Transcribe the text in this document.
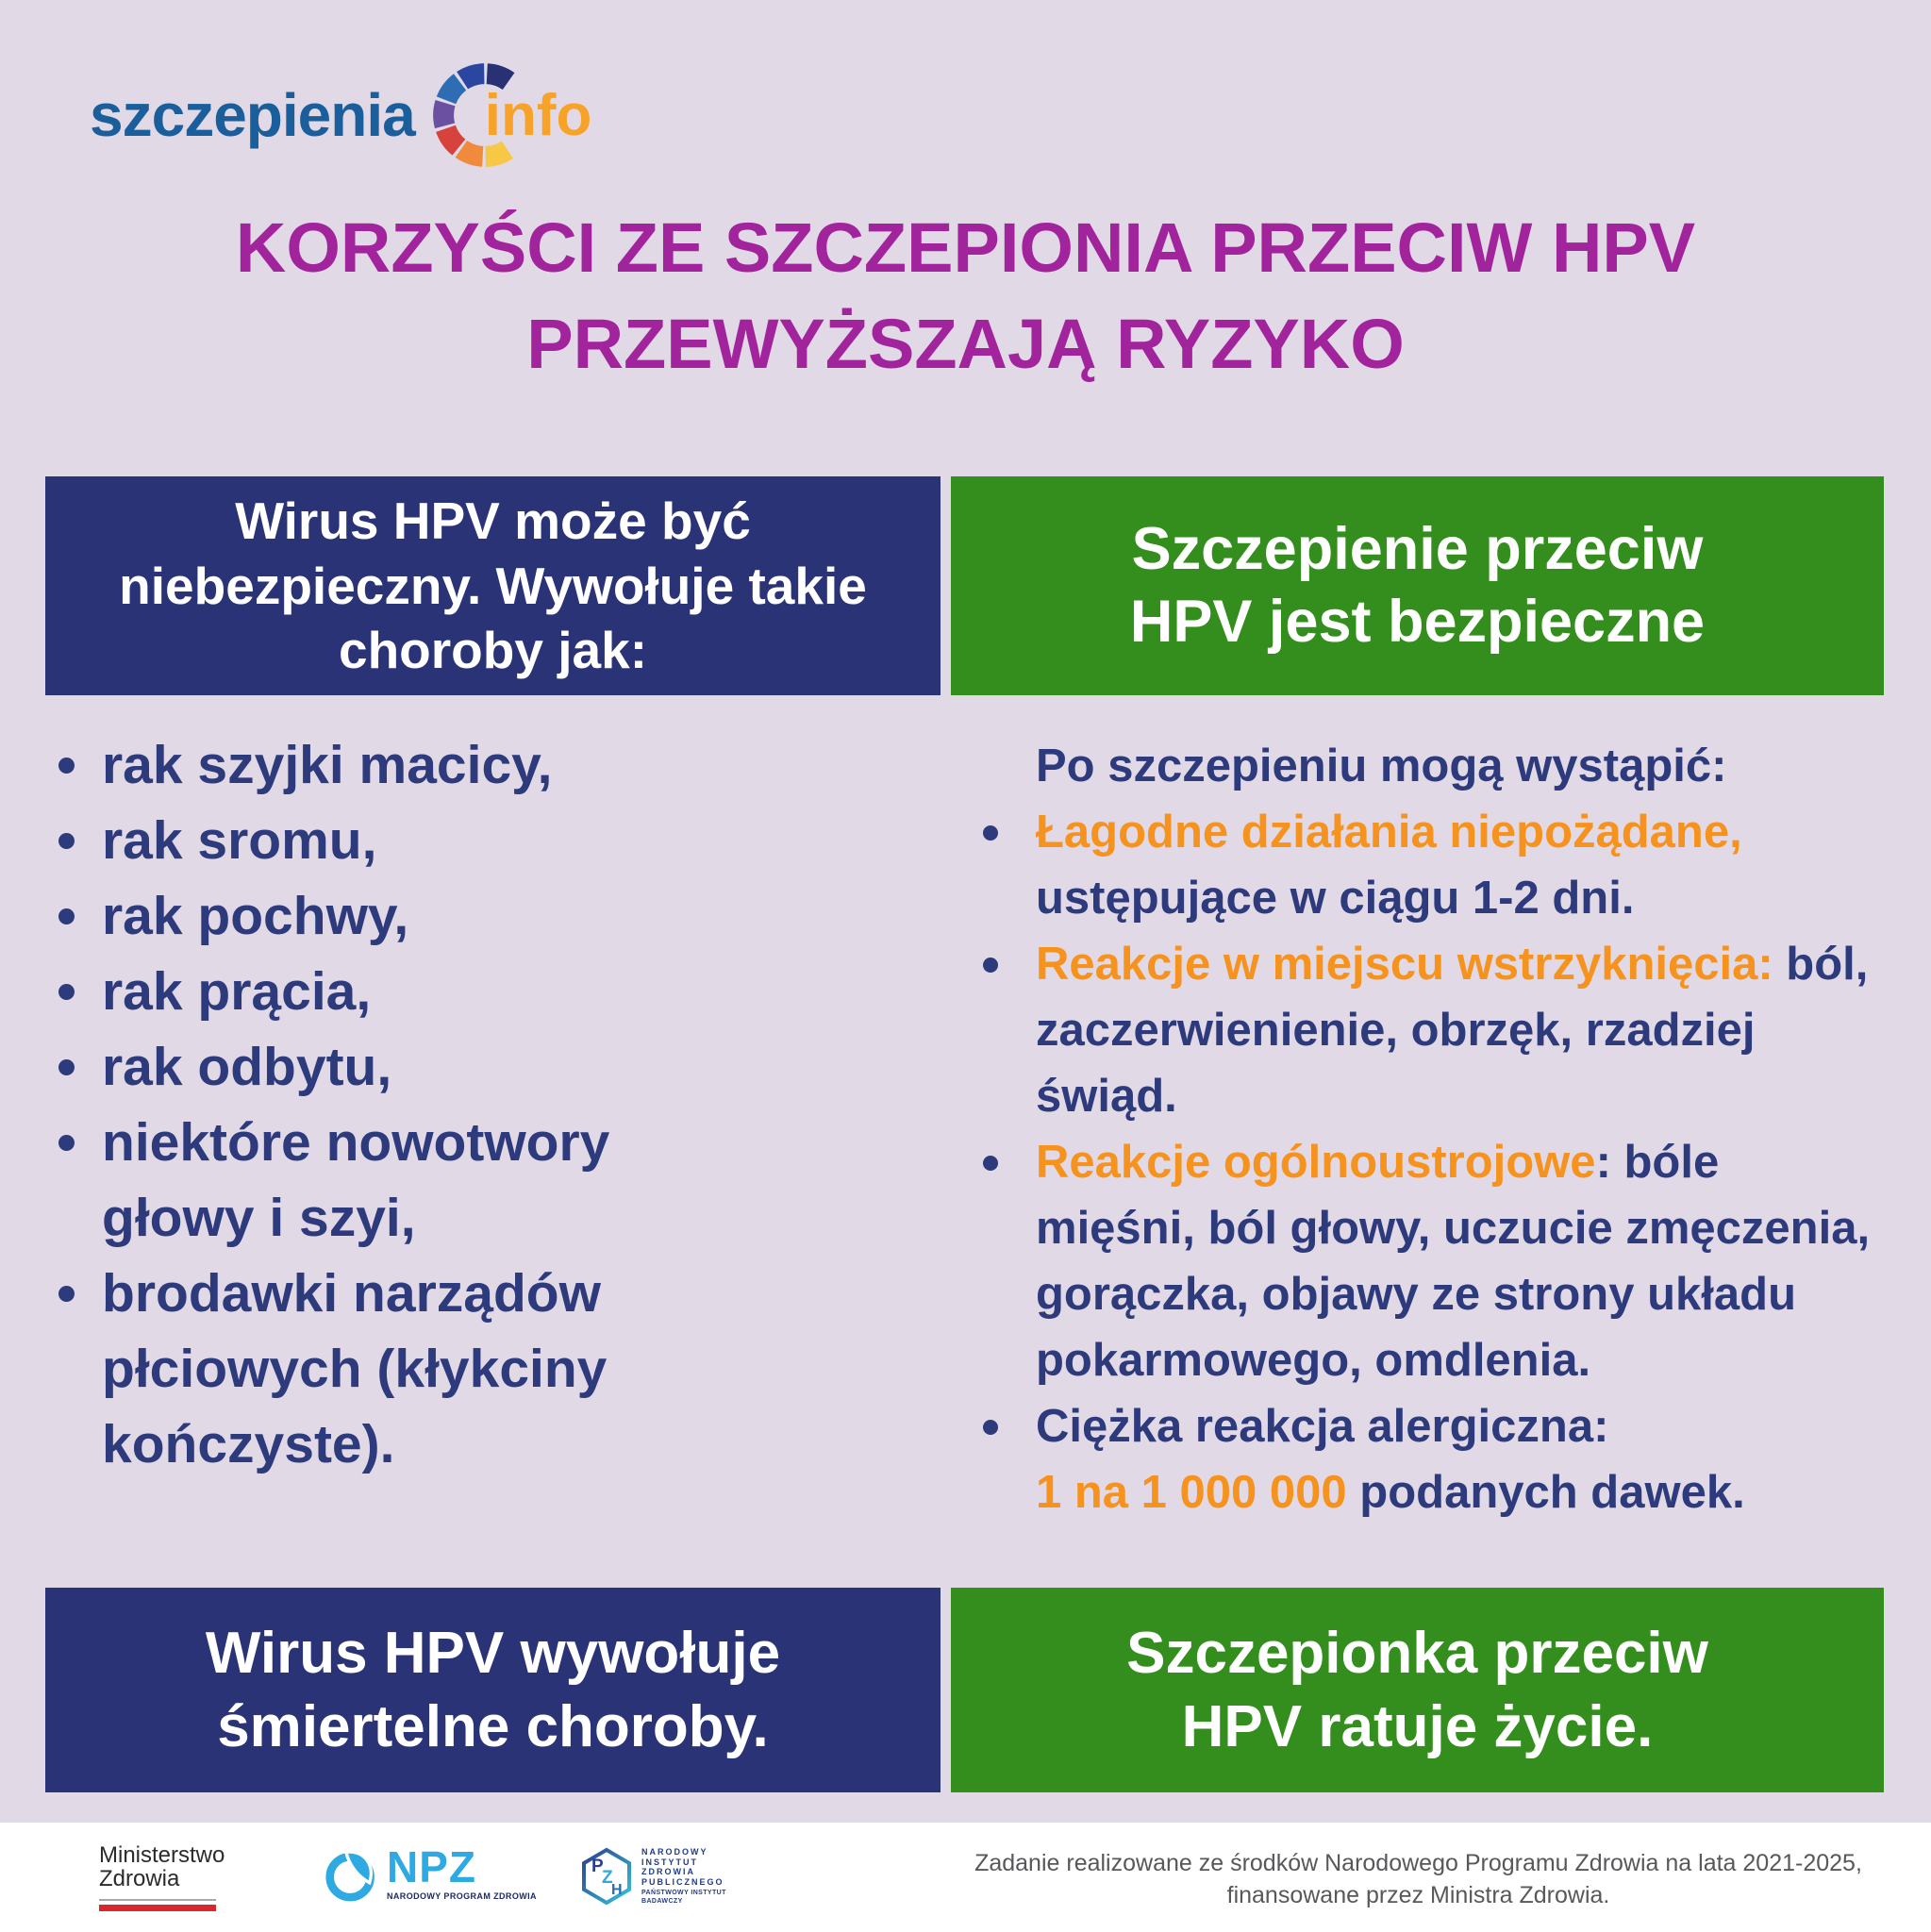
szczepienia info
KORZYŚCI ZE SZCZEPIONIA PRZECIW HPV
PRZEWYŻSZAJĄ RYZYKO
Wirus HPV może być niebezpieczny. Wywołuje takie choroby jak:
rak szyjki macicy,
rak sromu,
rak pochwy,
rak prącia,
rak odbytu,
niektóre nowotwory głowy i szyi,
brodawki narządów płciowych (kłykciny kończyste).
Szczepienie przeciw HPV jest bezpieczne

Po szczepieniu mogą wystąpić:

Łagodne działania niepożądane, ustępujące w ciągu 1-2 dni.
Reakcje w miejscu wstrzyknięcia: ból, zaczerwienienie, obrzęk, rzadziej świąd.
Reakcje ogólnoustrojowe: bóle mięśni, ból głowy, uczucie zmęczenia, gorączka, objawy ze strony układu pokarmowego, omdlenia.
Ciężka reakcja alergiczna:
1 na 1 000 000 podanych dawek.
Wirus HPV wywołuje śmiertelne choroby.
Szczepionka przeciw HPV ratuje życie.
Ministerstwo
Zdrowia	NPZ
NARODOWY PROGRAM ZDROWIA
P
Z
H
NARODOWY
INSTYTUT
ZDROWIA
PUBLICZNEGO
PAŃSTWOWY INSTYTUT
BADAWCZY
Zadanie realizowane ze środków Narodowego Programu Zdrowia na lata 2021-2025,
finansowane przez Ministra Zdrowia.
